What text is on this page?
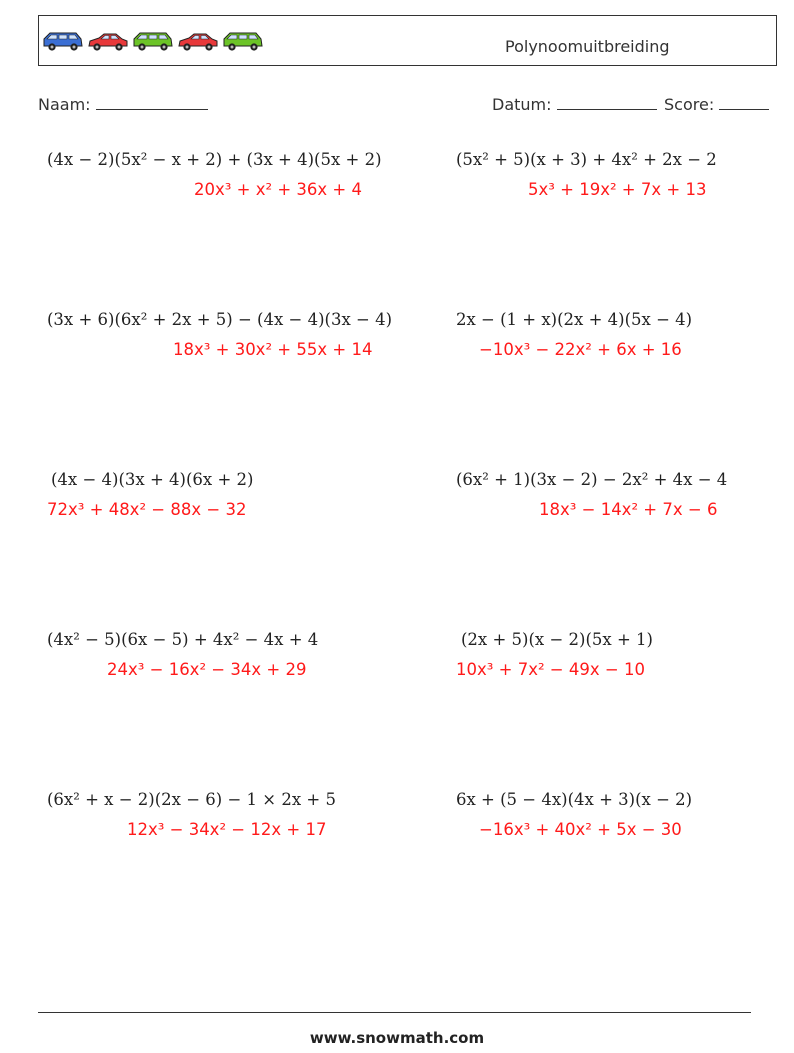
Polynoomuitbreiding
Naam:	Datum:	Score:
(4x − 2)(5x² − x + 2) + (3x + 4)(5x + 2)
20x³ + x² + 36x + 4
(5x² + 5)(x + 3) + 4x² + 2x − 2
5x³ + 19x² + 7x + 13
(3x + 6)(6x² + 2x + 5) − (4x − 4)(3x − 4)
18x³ + 30x² + 55x + 14
2x − (1 + x)(2x + 4)(5x − 4)
−10x³ − 22x² + 6x + 16
(4x − 4)(3x + 4)(6x + 2)
72x³ + 48x² − 88x − 32
(6x² + 1)(3x − 2) − 2x² + 4x − 4
18x³ − 14x² + 7x − 6
(4x² − 5)(6x − 5) + 4x² − 4x + 4
24x³ − 16x² − 34x + 29
(2x + 5)(x − 2)(5x + 1)
10x³ + 7x² − 49x − 10
(6x² + x − 2)(2x − 6) − 1 × 2x + 5
12x³ − 34x² − 12x + 17
6x + (5 − 4x)(4x + 3)(x − 2)
−16x³ + 40x² + 5x − 30
www.snowmath.com
